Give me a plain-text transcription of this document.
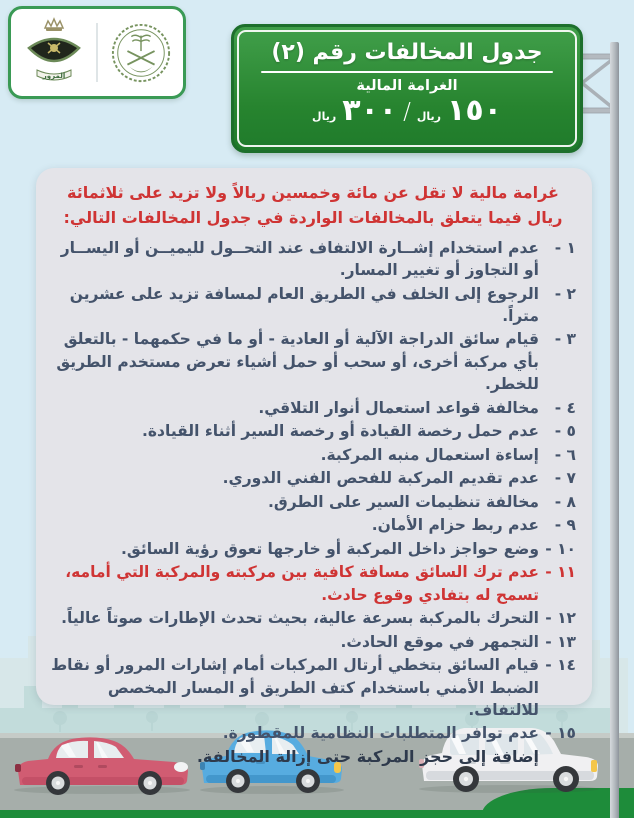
جدول المخالفات رقم (٢)
الغرامة المالية
ريال ٣٠٠ / ريال ١٥٠
المرور

غرامة مالية لا تقل عن مائة وخمسين ريالاً ولا تزيد على ثلاثمائة ريال فيما يتعلق بالمخالفات الواردة في جدول المخالفات التالي:

١ -
عدم استخدام إشــارة الالتفاف عند التحــول لليميــن أو اليســار أو التجاوز أو تغيير المسار.
٢ -
الرجوع إلى الخلف في الطريق العام لمسافة تزيد على عشرين متراً.
٣ -
قيام سائق الدراجة الآلية أو العادية - أو ما في حكمهما - بالتعلق بأي مركبة أخرى، أو سحب أو حمل أشياء تعرض مستخدم الطريق للخطر.
٤ -
مخالفة قواعد استعمال أنوار التلاقي.
٥ -
عدم حمل رخصة القيادة أو رخصة السير أثناء القيادة.
٦ -
إساءة استعمال منبه المركبة.
٧ -
عدم تقديم المركبة للفحص الفني الدوري.
٨ -
مخالفة تنظيمات السير على الطرق.
٩ -
عدم ربط حزام الأمان.
١٠ -
وضع حواجز داخل المركبة أو خارجها تعوق رؤية السائق.
١١ -
عدم ترك السائق مسافة كافية بين مركبته والمركبة التي أمامه، تسمح له بتفادي وقوع حادث.
١٢ -
التحرك بالمركبة بسرعة عالية، بحيث تحدث الإطارات صوتاً عالياً.
١٣ -
التجمهر في موقع الحادث.
١٤ -
قيام السائق بتخطي أرتال المركبات أمام إشارات المرور أو نقاط الضبط الأمني باستخدام كتف الطريق أو المسار المخصص للالتفاف.
١٥ -
عدم توافر المتطلبات النظامية للمقطورة.

إضافة إلى حجز المركبة حتى إزالة المخالفة.
